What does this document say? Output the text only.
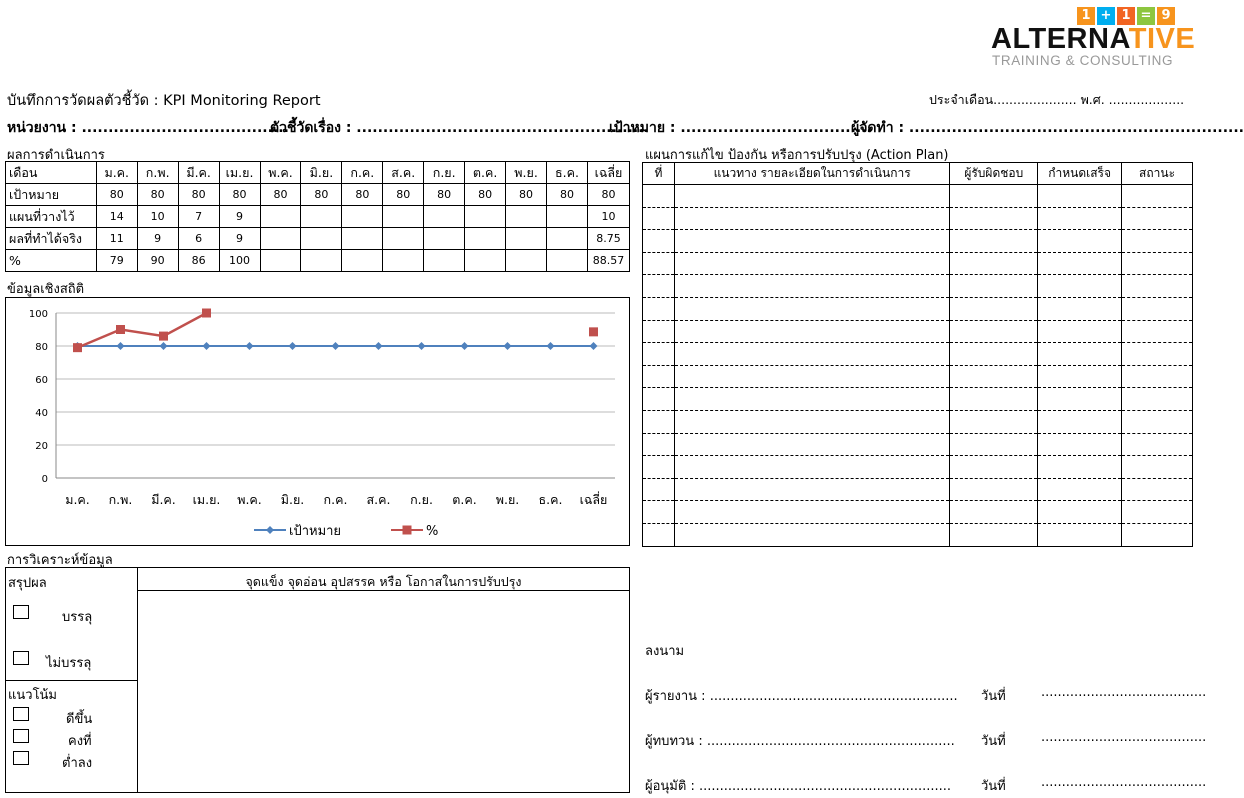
1 + 1 = 9
ALTERNATIVE
TRAINING & CONSULTING
บันทึกการวัดผลตัวชี้วัด : KPI Monitoring Report	ประจำเดือน..................... พ.ศ. ...................
หน่วยงาน : .......................................
ตัวชี้วัดเรื่อง : .......................................................
เป้าหมาย : ....................................
ผู้จัดทำ : ...............................................................
ผลการดำเนินการ
เดือน	ม.ค.	ก.พ.	มี.ค.	เม.ย.	พ.ค.	มิ.ย.	ก.ค.	ส.ค.	ก.ย.	ต.ค.	พ.ย.	ธ.ค.	เฉลี่ย
เป้าหมาย	80	80	80	80	80	80	80	80	80	80	80	80	80
แผนที่วางไว้	14	10	7	9									10
ผลที่ทำได้จริง	11	9	6	9									8.75
%	79	90	86	100									88.57
ข้อมูลเชิงสถิติ
0
20
40
60
80
100
ม.ค. ก.พ. มี.ค. เม.ย. พ.ค. มิ.ย. ก.ค. ส.ค. ก.ย. ต.ค. พ.ย. ธ.ค. เฉลี่ย
เป้าหมาย	%
แผนการแก้ไข ป้องกัน หรือการปรับปรุง (Action Plan)
ที่	แนวทาง รายละเอียดในการดำเนินการ	ผู้รับผิดชอบ	กำหนดเสร็จ	สถานะ

การวิเคราะห์ข้อมูล
จุดแข็ง จุดอ่อน อุปสรรค หรือ โอกาสในการปรับปรุง
สรุปผล
บรรลุ
ไม่บรรลุ
แนวโน้ม
ดีขึ้น
คงที่
ต่ำลง
ลงนาม
ผู้รายงาน : ............................................................ วันที่	........................................
ผู้ทบทวน : ............................................................ วันที่	........................................
ผู้อนุมัติ : ............................................................. วันที่	........................................
